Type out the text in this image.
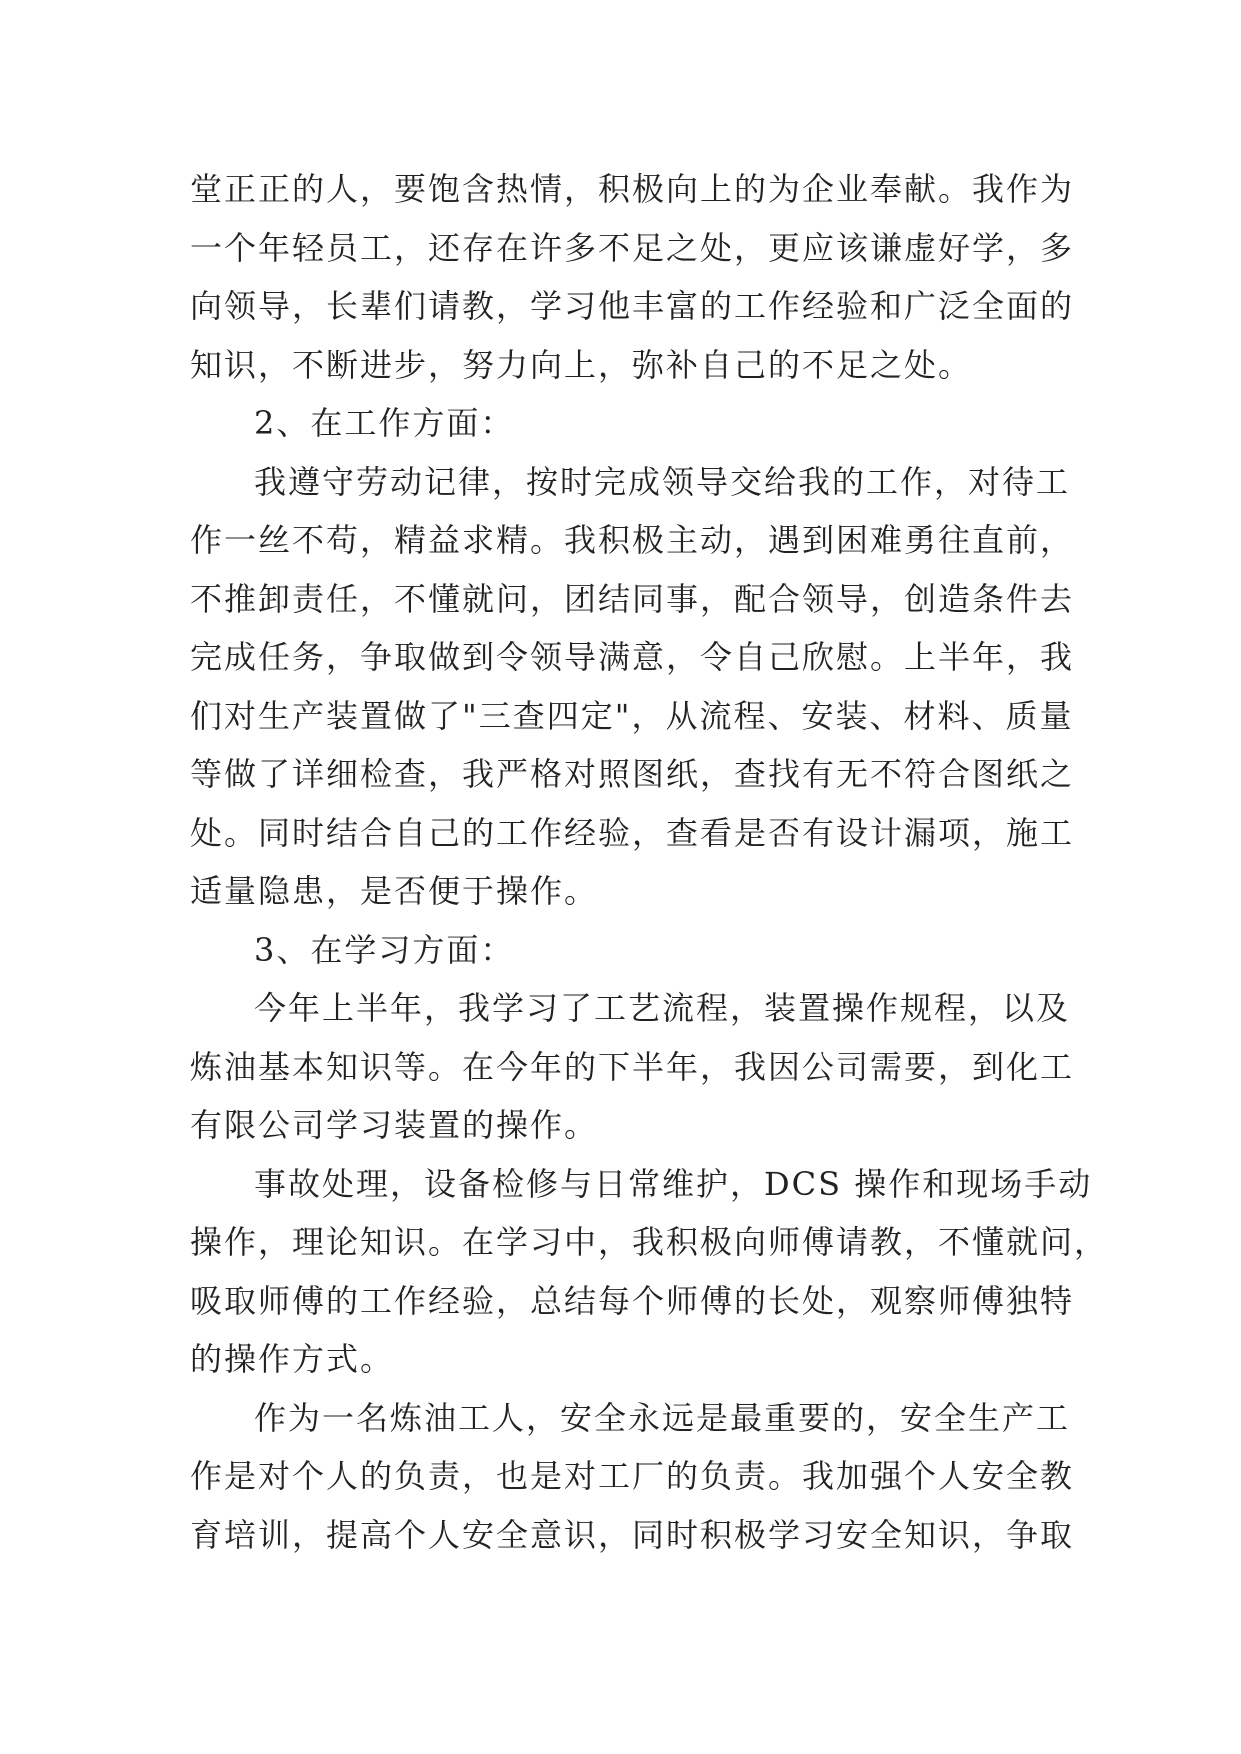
堂正正的人，要饱含热情，积极向上的为企业奉献。我作为
一个年轻员工，还存在许多不足之处，更应该谦虚好学，多
向领导，长辈们请教，学习他丰富的工作经验和广泛全面的
知识，不断进步，努力向上，弥补自己的不足之处。
2、在工作方面：
我遵守劳动记律，按时完成领导交给我的工作，对待工
作一丝不苟，精益求精。我积极主动，遇到困难勇往直前，
不推卸责任，不懂就问，团结同事，配合领导，创造条件去
完成任务，争取做到令领导满意，令自己欣慰。上半年，我
们对生产装置做了"三查四定"，从流程、安装、材料、质量
等做了详细检查，我严格对照图纸，查找有无不符合图纸之
处。同时结合自己的工作经验，查看是否有设计漏项，施工
适量隐患，是否便于操作。
3、在学习方面：
今年上半年，我学习了工艺流程，装置操作规程，以及
炼油基本知识等。在今年的下半年，我因公司需要，到化工
有限公司学习装置的操作。
事故处理，设备检修与日常维护，DCS 操作和现场手动
操作，理论知识。在学习中，我积极向师傅请教，不懂就问，
吸取师傅的工作经验，总结每个师傅的长处，观察师傅独特
的操作方式。
作为一名炼油工人，安全永远是最重要的，安全生产工
作是对个人的负责，也是对工厂的负责。我加强个人安全教
育培训，提高个人安全意识，同时积极学习安全知识，争取
